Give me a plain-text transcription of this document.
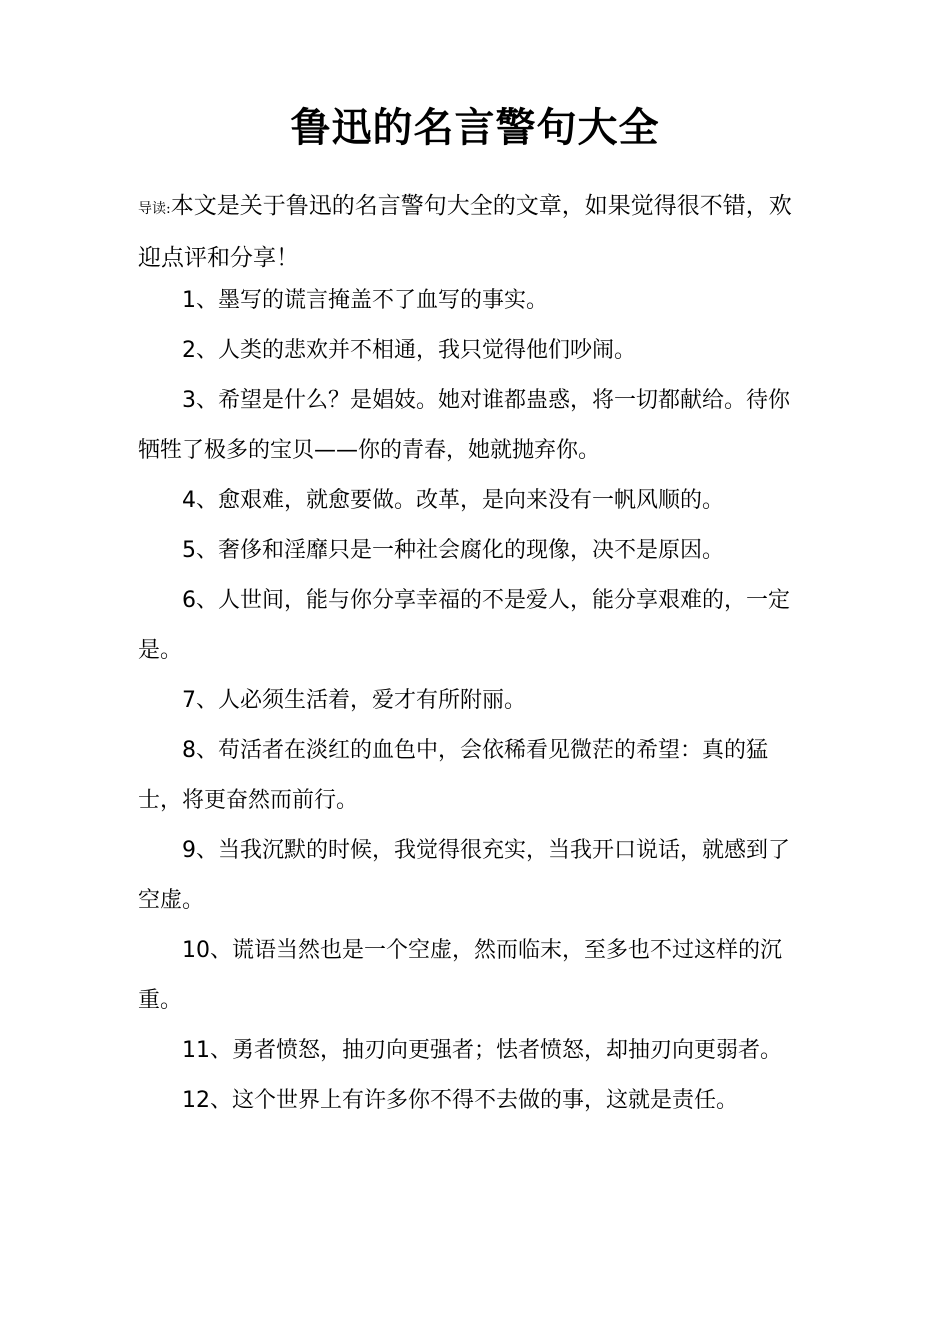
鲁迅的名言警句大全

导读:本文是关于鲁迅的名言警句大全的文章，如果觉得很不错，欢迎点评和分享！

1、墨写的谎言掩盖不了血写的事实。

2、人类的悲欢并不相通，我只觉得他们吵闹。

3、希望是什么？是娼妓。她对谁都蛊惑，将一切都献给。待你牺牲了极多的宝贝——你的青春，她就抛弃你。

4、愈艰难，就愈要做。改革，是向来没有一帆风顺的。

5、奢侈和淫靡只是一种社会腐化的现像，决不是原因。

6、人世间，能与你分享幸福的不是爱人，能分享艰难的，一定是。

7、人必须生活着，爱才有所附丽。

8、苟活者在淡红的血色中，会依稀看见微茫的希望：真的猛士，将更奋然而前行。

9、当我沉默的时候，我觉得很充实，当我开口说话，就感到了空虚。

10、谎语当然也是一个空虚，然而临末，至多也不过这样的沉重。

11、勇者愤怒，抽刃向更强者；怯者愤怒，却抽刃向更弱者。

12、这个世界上有许多你不得不去做的事，这就是责任。
